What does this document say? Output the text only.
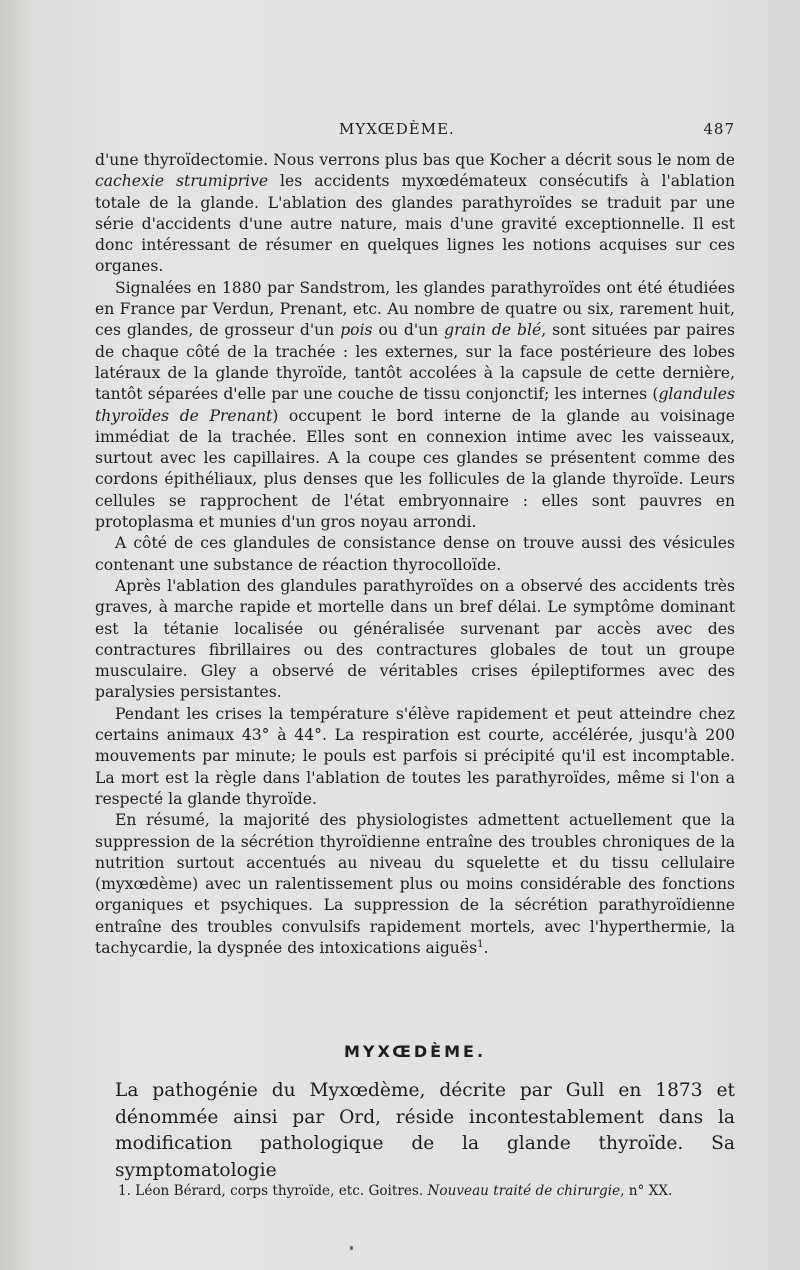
MYXŒDÈME.	487

d'une thyroïdectomie. Nous verrons plus bas que Kocher a décrit sous le nom de cachexie strumiprive les accidents myxœdémateux consécutifs à l'ablation totale de la glande. L'ablation des glandes parathyroïdes se traduit par une série d'accidents d'une autre nature, mais d'une gravité exceptionnelle. Il est donc intéressant de résumer en quelques lignes les notions acquises sur ces organes.

Signalées en 1880 par Sandstrom, les glandes parathyroïdes ont été étudiées en France par Verdun, Prenant, etc. Au nombre de quatre ou six, rarement huit, ces glandes, de grosseur d'un pois ou d'un grain de blé, sont situées par paires de chaque côté de la trachée : les externes, sur la face postérieure des lobes latéraux de la glande thyroïde, tantôt accolées à la capsule de cette dernière, tantôt séparées d'elle par une couche de tissu conjonctif; les internes (glandules thyroïdes de Prenant) occupent le bord interne de la glande au voisinage immédiat de la trachée. Elles sont en connexion intime avec les vaisseaux, surtout avec les capillaires. A la coupe ces glandes se présentent comme des cordons épithéliaux, plus denses que les follicules de la glande thyroïde. Leurs cellules se rapprochent de l'état embryonnaire : elles sont pauvres en protoplasma et munies d'un gros noyau arrondi.

A côté de ces glandules de consistance dense on trouve aussi des vésicules contenant une substance de réaction thyrocolloïde.

Après l'ablation des glandules parathyroïdes on a observé des accidents très graves, à marche rapide et mortelle dans un bref délai. Le symptôme dominant est la tétanie localisée ou généralisée survenant par accès avec des contractures fibrillaires ou des contractures globales de tout un groupe musculaire. Gley a observé de véritables crises épileptiformes avec des paralysies persistantes.

Pendant les crises la température s'élève rapidement et peut atteindre chez certains animaux 43° à 44°. La respiration est courte, accélérée, jusqu'à 200 mouvements par minute; le pouls est parfois si précipité qu'il est incomptable. La mort est la règle dans l'ablation de toutes les parathyroïdes, même si l'on a respecté la glande thyroïde.

En résumé, la majorité des physiologistes admettent actuellement que la suppression de la sécrétion thyroïdienne entraîne des troubles chroniques de la nutrition surtout accentués au niveau du squelette et du tissu cellulaire (myxœdème) avec un ralentissement plus ou moins considérable des fonctions organiques et psychiques. La suppression de la sécrétion parathyroïdienne entraîne des troubles convulsifs rapidement mortels, avec l'hyperthermie, la tachycardie, la dyspnée des intoxications aiguës$^1$.

MYXŒDÈME.

La pathogénie du Myxœdème, décrite par Gull en 1873 et dénommée ainsi par Ord, réside incontestablement dans la modification pathologique de la glande thyroïde. Sa symptomatologie

1. Léon Bérard, corps thyroïde, etc. Goitres. Nouveau traité de chirurgie, n° XX.
